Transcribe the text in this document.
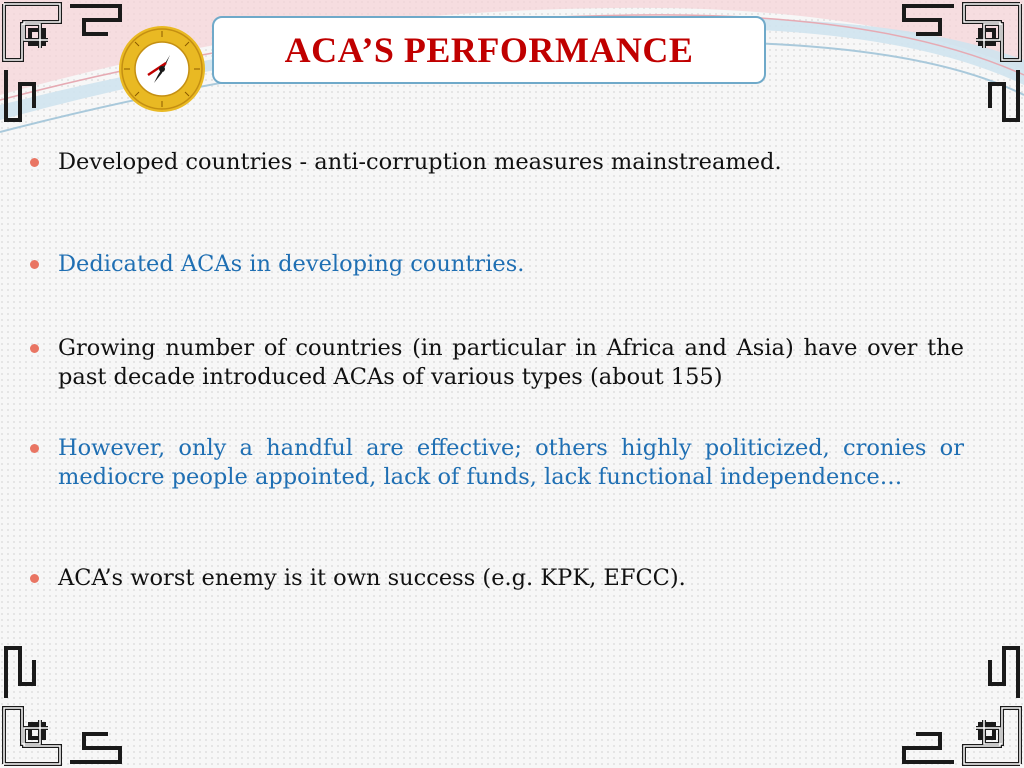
ACA’S PERFORMANCE
Developed countries - anti-corruption measures mainstreamed.
Dedicated ACAs in developing countries.
Growing number of countries (in particular in Africa and Asia) have over the past decade introduced ACAs of various types (about 155)
However, only a handful are effective; others highly politicized, cronies or mediocre people appointed, lack of funds, lack functional independence…
ACA’s worst enemy is it own success (e.g. KPK, EFCC).
